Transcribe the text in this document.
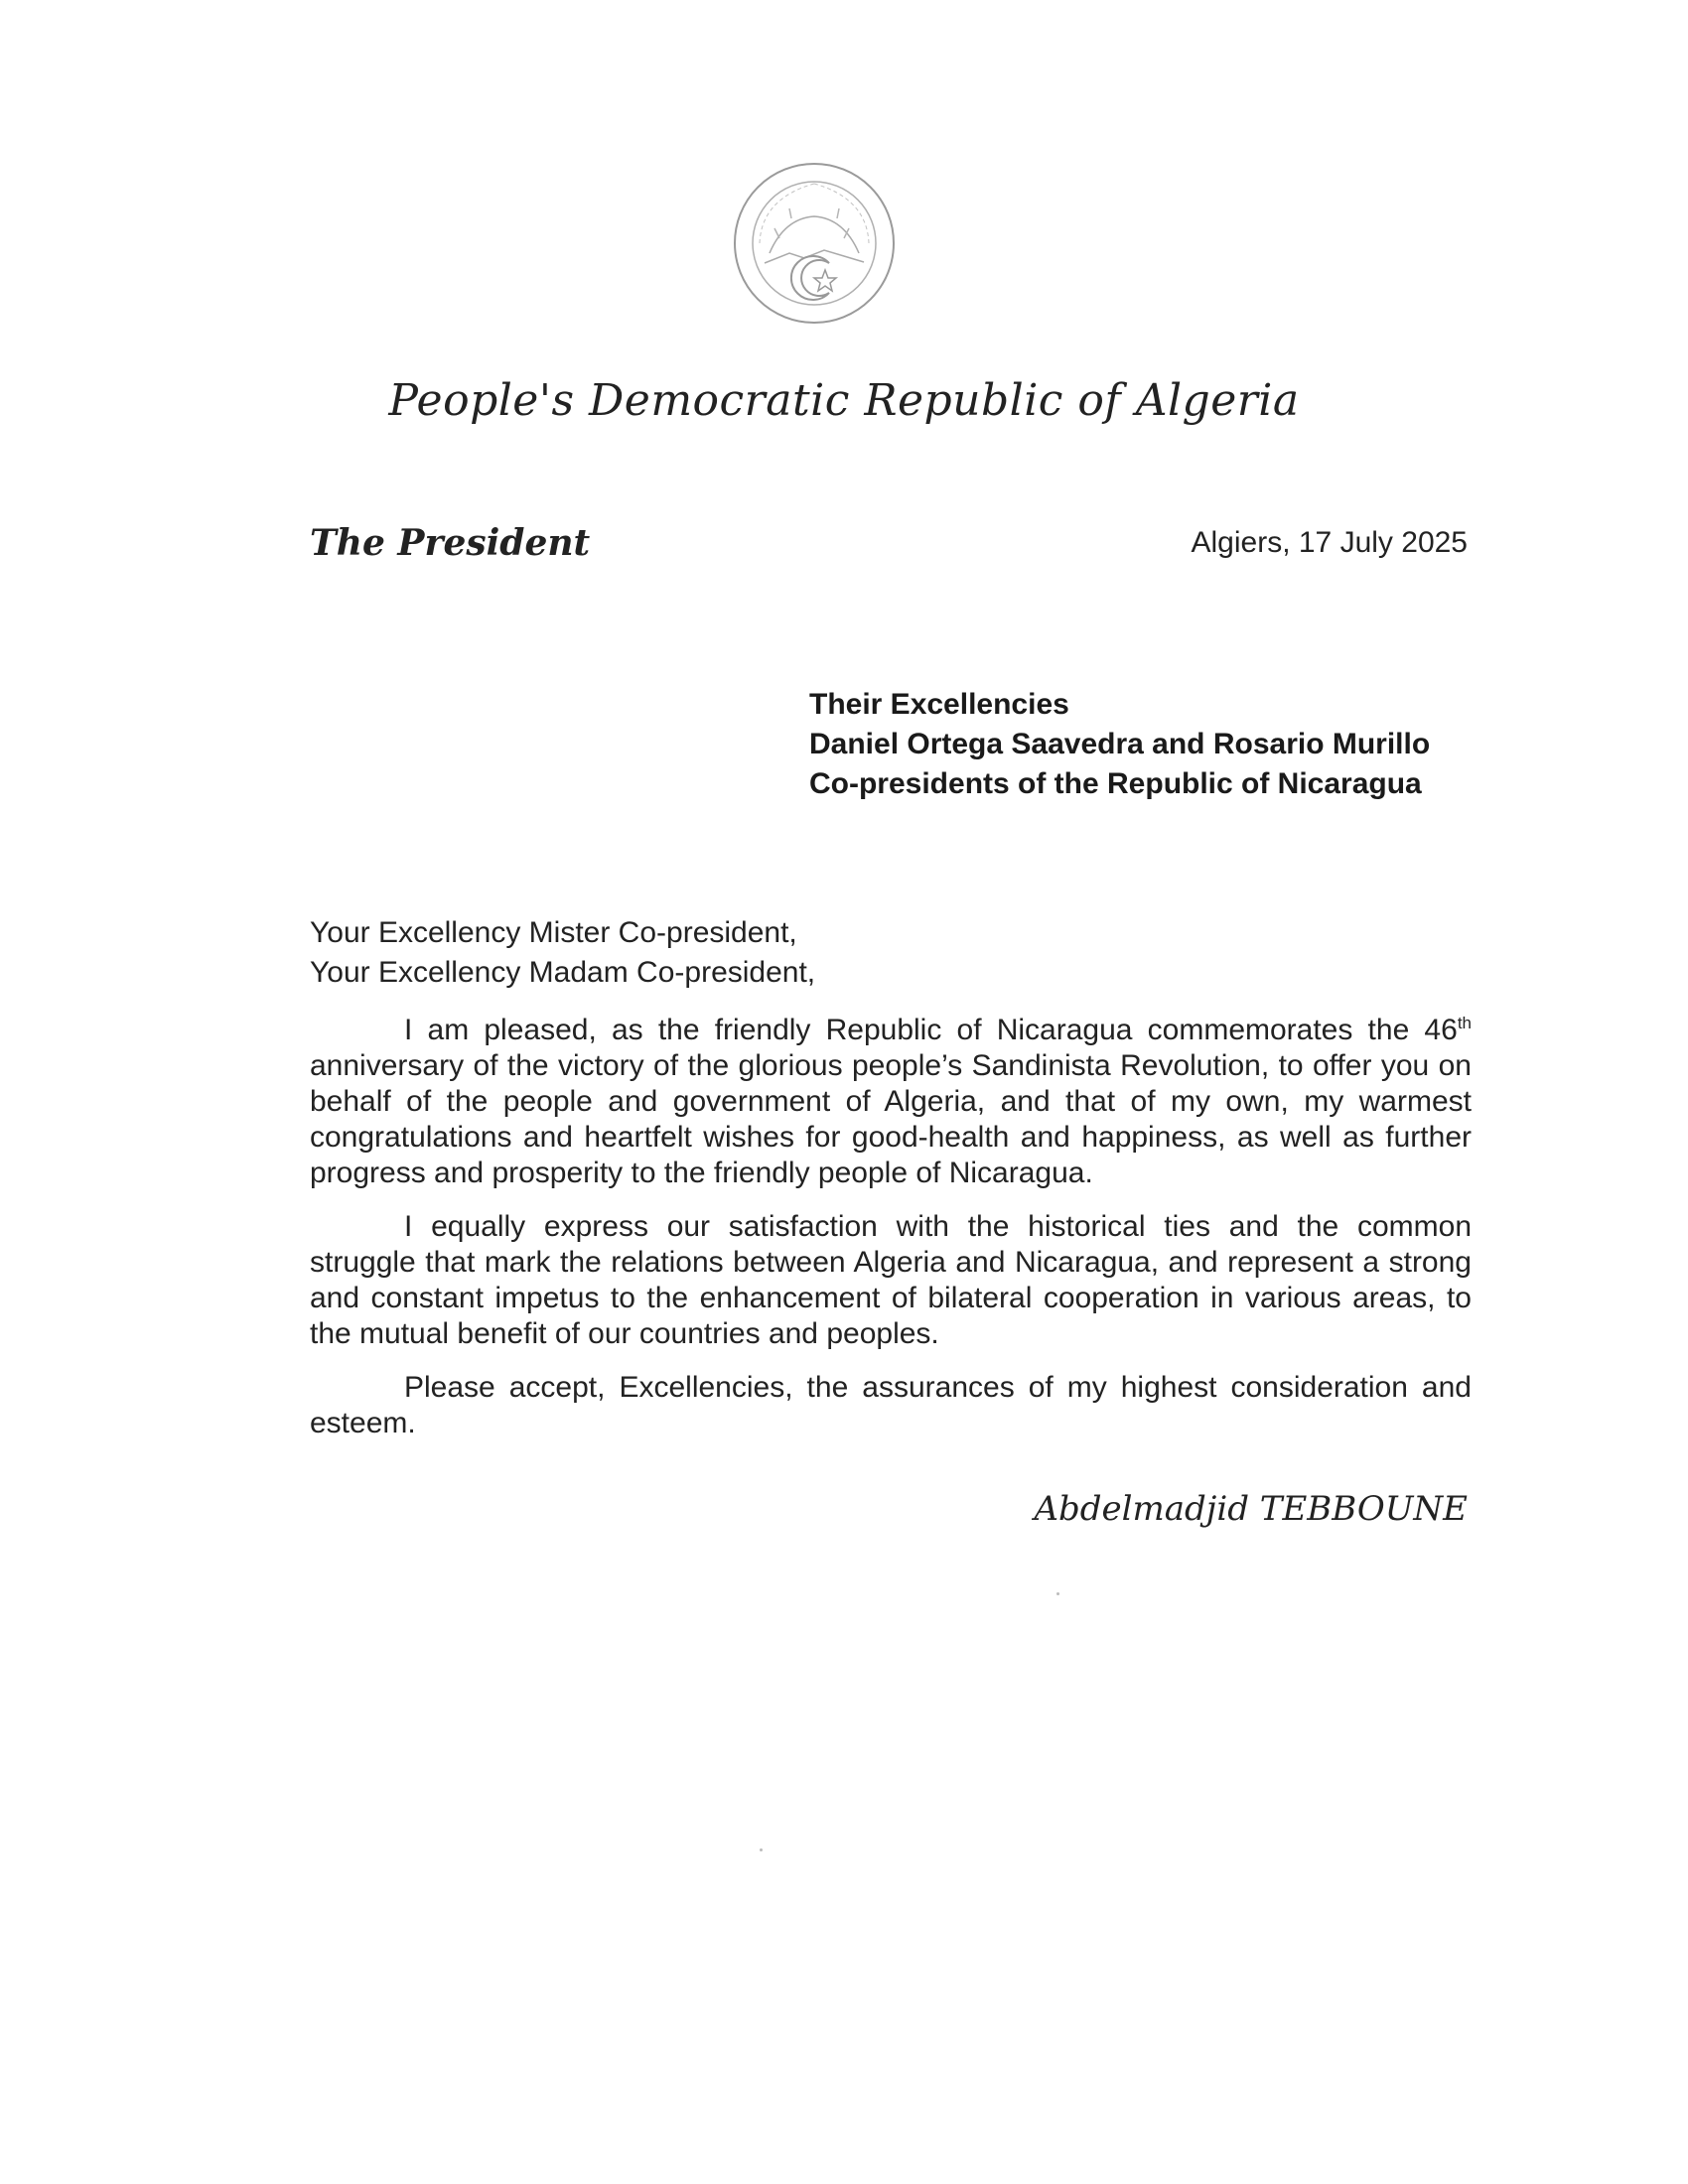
People's Democratic Republic of Algeria
The President	Algiers, 17 July 2025
Their Excellencies
Daniel Ortega Saavedra and Rosario Murillo
Co-presidents of the Republic of Nicaragua
Your Excellency Mister Co-president,
Your Excellency Madam Co-president,

I am pleased, as the friendly Republic of Nicaragua commemorates the 46th anniversary of the victory of the glorious people’s Sandinista Revolution, to offer you on behalf of the people and government of Algeria, and that of my own, my warmest congratulations and heartfelt wishes for good-health and happiness, as well as further progress and prosperity to the friendly people of Nicaragua.

I equally express our satisfaction with the historical ties and the common struggle that mark the relations between Algeria and Nicaragua, and represent a strong and constant impetus to the enhancement of bilateral cooperation in various areas, to the mutual benefit of our countries and peoples.

Please accept, Excellencies, the assurances of my highest consideration and esteem.

Abdelmadjid TEBBOUNE
